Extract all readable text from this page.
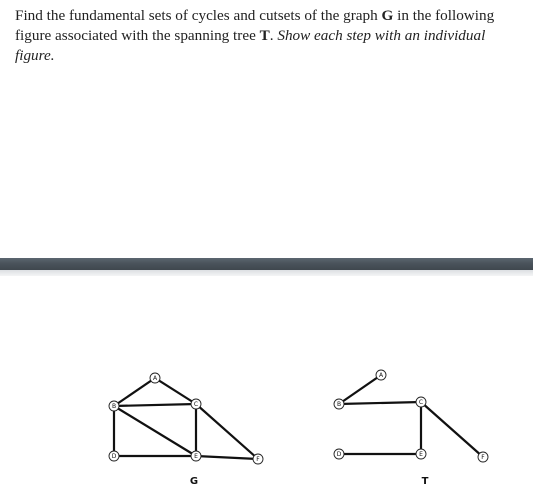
Find the fundamental sets of cycles and cutsets of the graph G in the following figure associated with the spanning tree T. Show each step with an individual figure.

A
B	C
D	E	F
A
B	C
D	E	F
G	T
